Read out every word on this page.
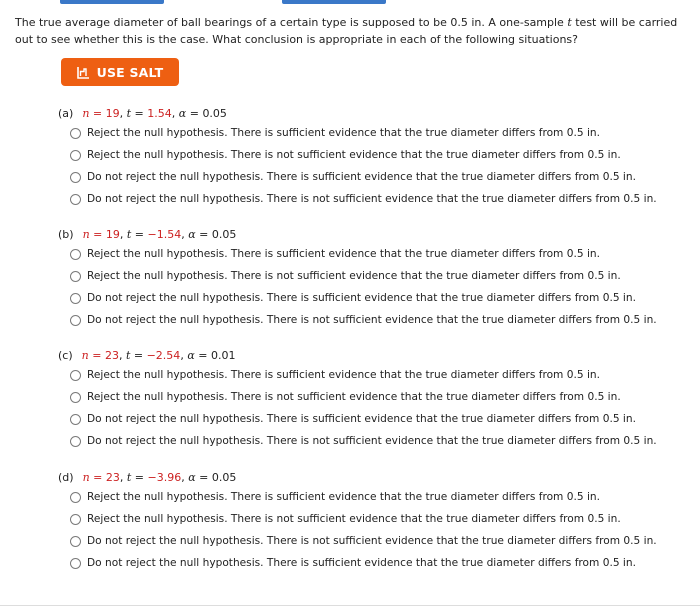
The true average diameter of ball bearings of a certain type is supposed to be 0.5 in. A one-sample t test will be carried out to see whether this is the case. What conclusion is appropriate in each of the following situations?
USE SALT
(a) n = 19, t = 1.54, α = 0.05
Reject the null hypothesis. There is sufficient evidence that the true diameter differs from 0.5 in.
Reject the null hypothesis. There is not sufficient evidence that the true diameter differs from 0.5 in.
Do not reject the null hypothesis. There is sufficient evidence that the true diameter differs from 0.5 in.
Do not reject the null hypothesis. There is not sufficient evidence that the true diameter differs from 0.5 in.
(b) n = 19, t = −1.54, α = 0.05
Reject the null hypothesis. There is sufficient evidence that the true diameter differs from 0.5 in.
Reject the null hypothesis. There is not sufficient evidence that the true diameter differs from 0.5 in.
Do not reject the null hypothesis. There is sufficient evidence that the true diameter differs from 0.5 in.
Do not reject the null hypothesis. There is not sufficient evidence that the true diameter differs from 0.5 in.
(c) n = 23, t = −2.54, α = 0.01
Reject the null hypothesis. There is sufficient evidence that the true diameter differs from 0.5 in.
Reject the null hypothesis. There is not sufficient evidence that the true diameter differs from 0.5 in.
Do not reject the null hypothesis. There is sufficient evidence that the true diameter differs from 0.5 in.
Do not reject the null hypothesis. There is not sufficient evidence that the true diameter differs from 0.5 in.
(d) n = 23, t = −3.96, α = 0.05
Reject the null hypothesis. There is sufficient evidence that the true diameter differs from 0.5 in.
Reject the null hypothesis. There is not sufficient evidence that the true diameter differs from 0.5 in.
Do not reject the null hypothesis. There is not sufficient evidence that the true diameter differs from 0.5 in.
Do not reject the null hypothesis. There is sufficient evidence that the true diameter differs from 0.5 in.
